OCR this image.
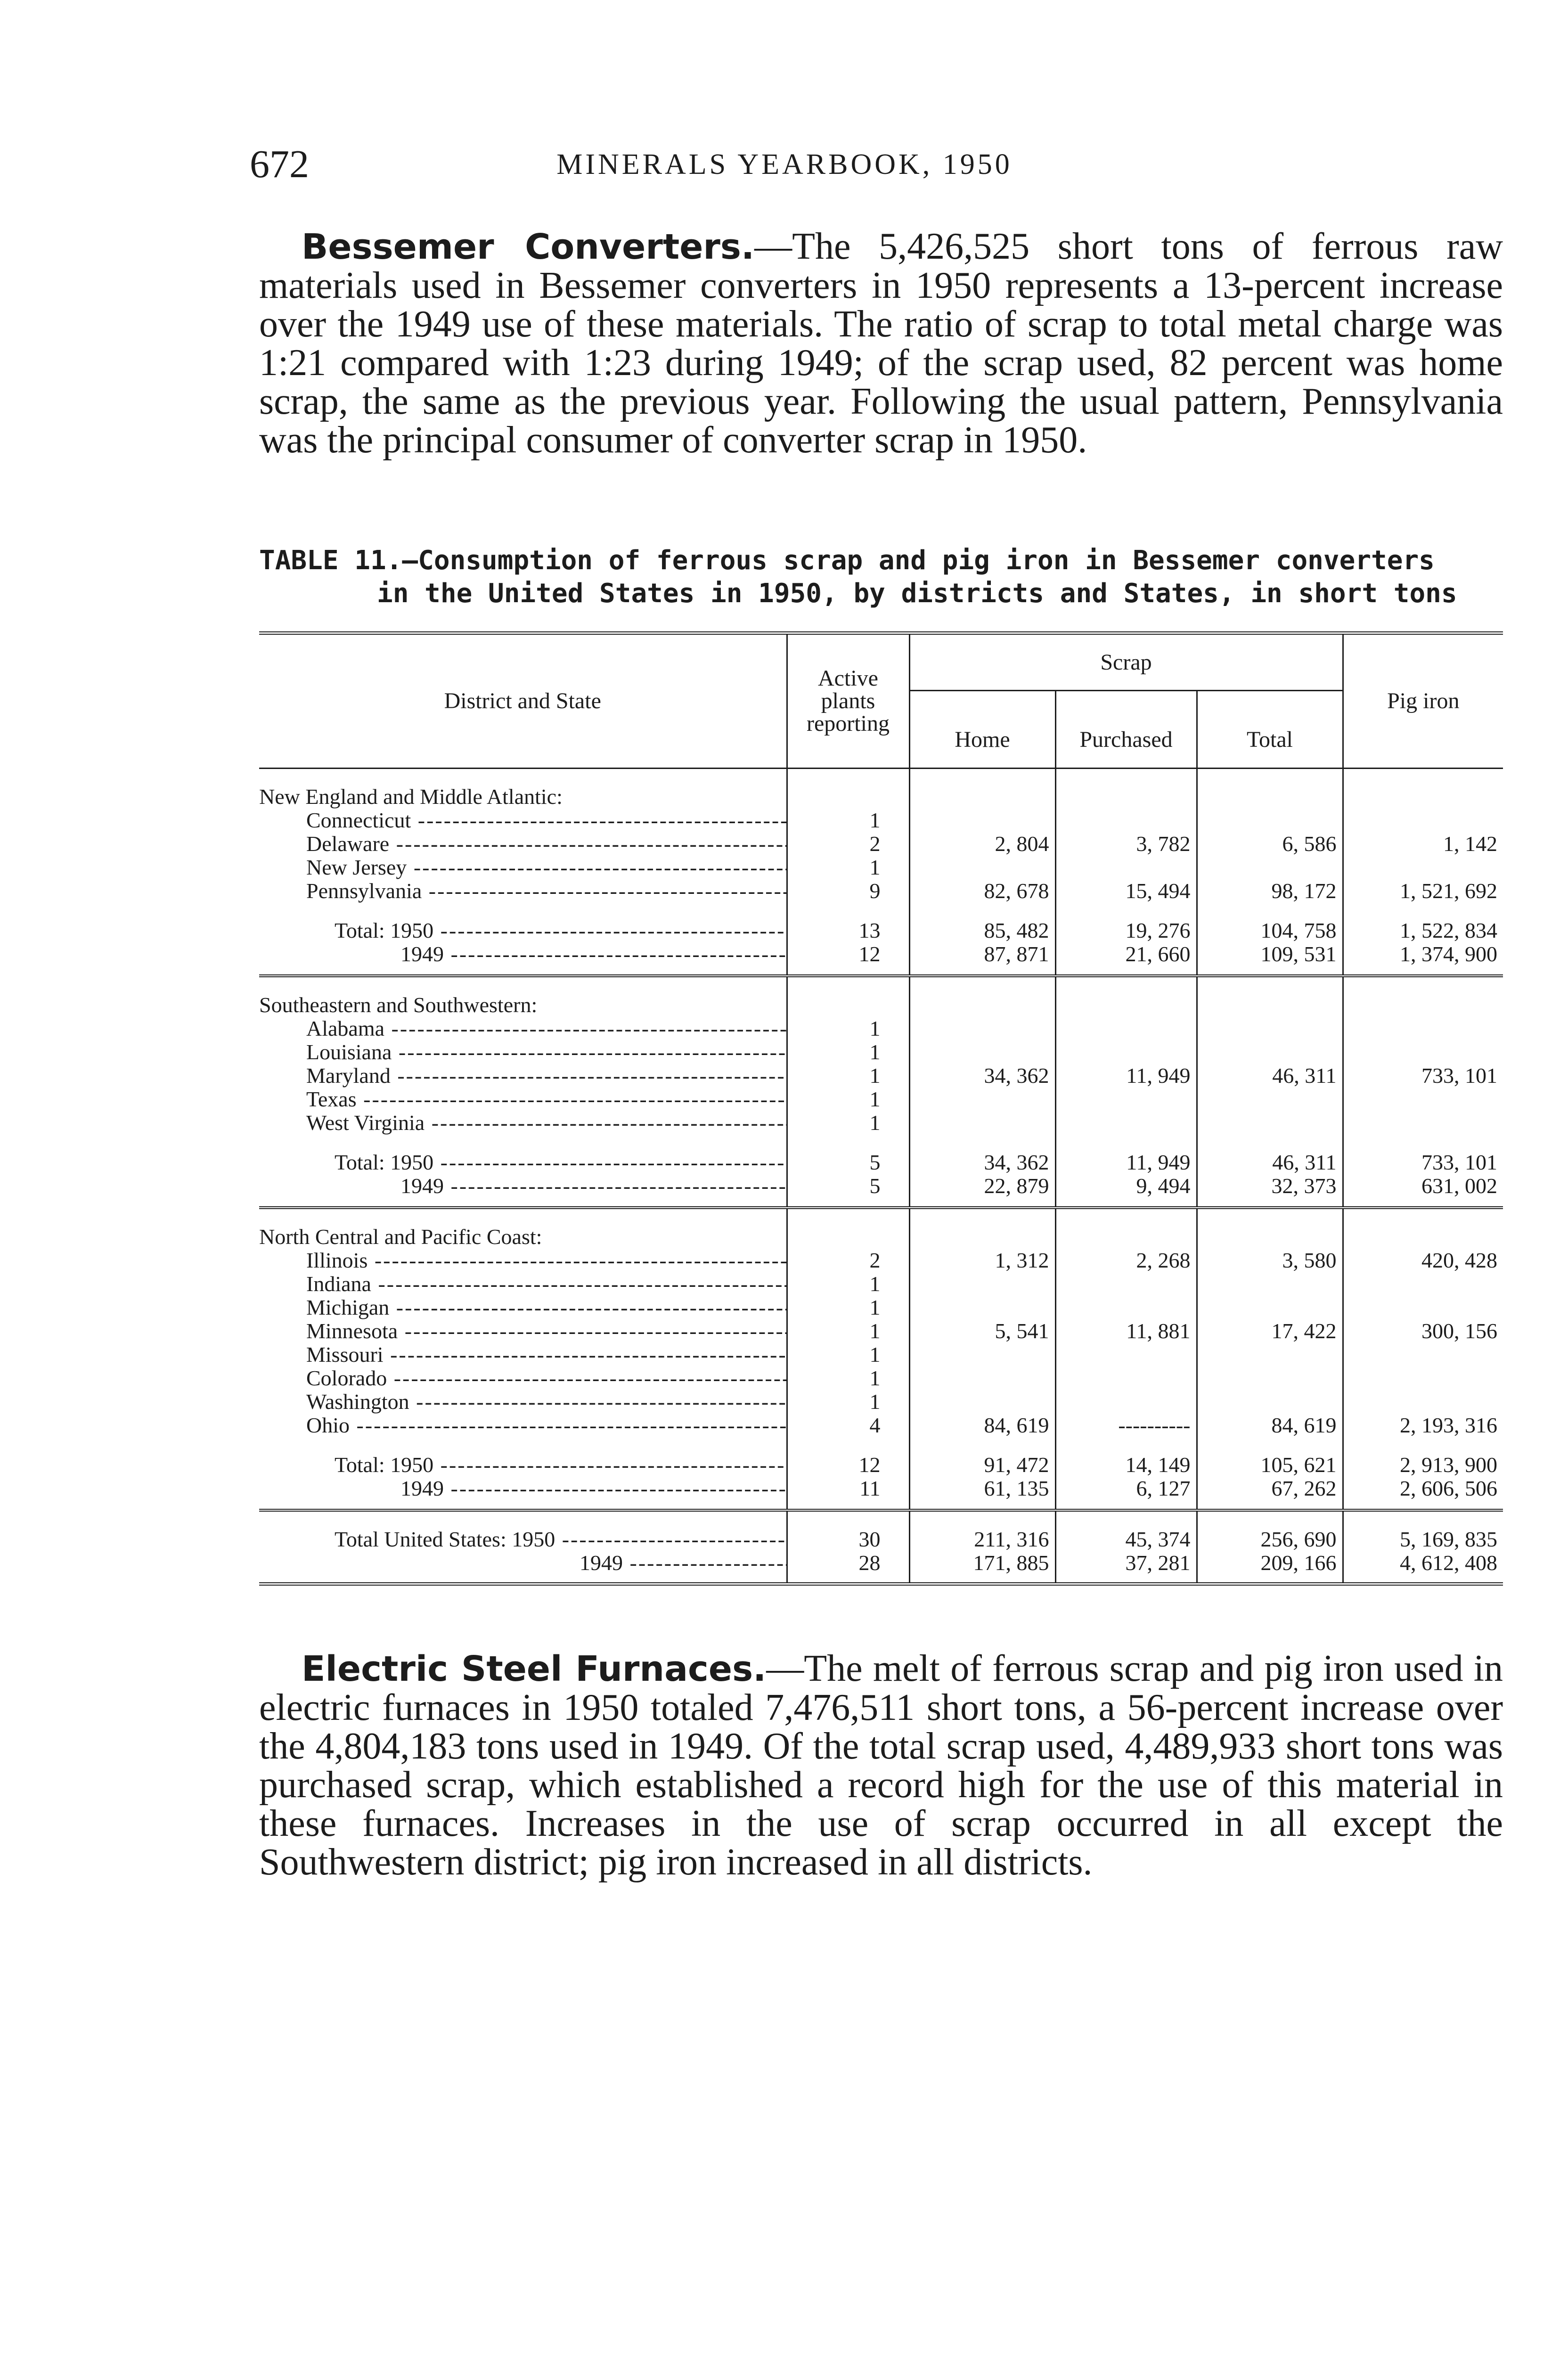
672	MINERALS YEARBOOK, 1950

Bessemer Converters.—The 5,426,525 short tons of ferrous raw materials used in Bessemer converters in 1950 represents a 13-percent increase over the 1949 use of these materials. The ratio of scrap to total metal charge was 1:21 compared with 1:23 during 1949; of the scrap used, 82 percent was home scrap, the same as the previous year. Following the usual pattern, Pennsylvania was the principal consumer of converter scrap in 1950.

TABLE 11.—Consumption of ferrous scrap and pig iron in Bessemer converters
in the United States in 1950, by districts and States, in short tons

District and State	Active plants reporting	Scrap			Pig iron
		Home	Purchased	Total	
New England and Middle Atlantic:					
Connecticut -----	1				
Delaware -----	2	2, 804	3, 782	6, 586	1, 142
New Jersey -----	1				
Pennsylvania -----	9	82, 678	15, 494	98, 172	1, 521, 692
Total: 1950 -----	13	85, 482	19, 276	104, 758	1, 522, 834
1949 -----	12	87, 871	21, 660	109, 531	1, 374, 900

Southeastern and Southwestern:					
Alabama -----	1				
Louisiana -----	1				
Maryland -----	1	34, 362	11, 949	46, 311	733, 101
Texas -----	1				
West Virginia -----	1				
Total: 1950 -----	5	34, 362	11, 949	46, 311	733, 101
1949 -----	5	22, 879	9, 494	32, 373	631, 002

North Central and Pacific Coast:					
Illinois -----	2	1, 312	2, 268	3, 580	420, 428
Indiana -----	1				
Michigan -----	1				
Minnesota -----	1	5, 541	11, 881	17, 422	300, 156
Missouri -----	1				
Colorado -----	1				
Washington -----	1				
Ohio -----	4	84, 619	----------	84, 619	2, 193, 316
Total: 1950 -----	12	91, 472	14, 149	105, 621	2, 913, 900
1949 -----	11	61, 135	6, 127	67, 262	2, 606, 506

Total United States: 1950 -----	30	211, 316	45, 374	256, 690	5, 169, 835
1949 -----	28	171, 885	37, 281	209, 166	4, 612, 408

Electric Steel Furnaces.—The melt of ferrous scrap and pig iron used in electric furnaces in 1950 totaled 7,476,511 short tons, a 56-percent increase over the 4,804,183 tons used in 1949. Of the total scrap used, 4,489,933 short tons was purchased scrap, which established a record high for the use of this material in these furnaces. Increases in the use of scrap occurred in all except the Southwestern district; pig iron increased in all districts.
